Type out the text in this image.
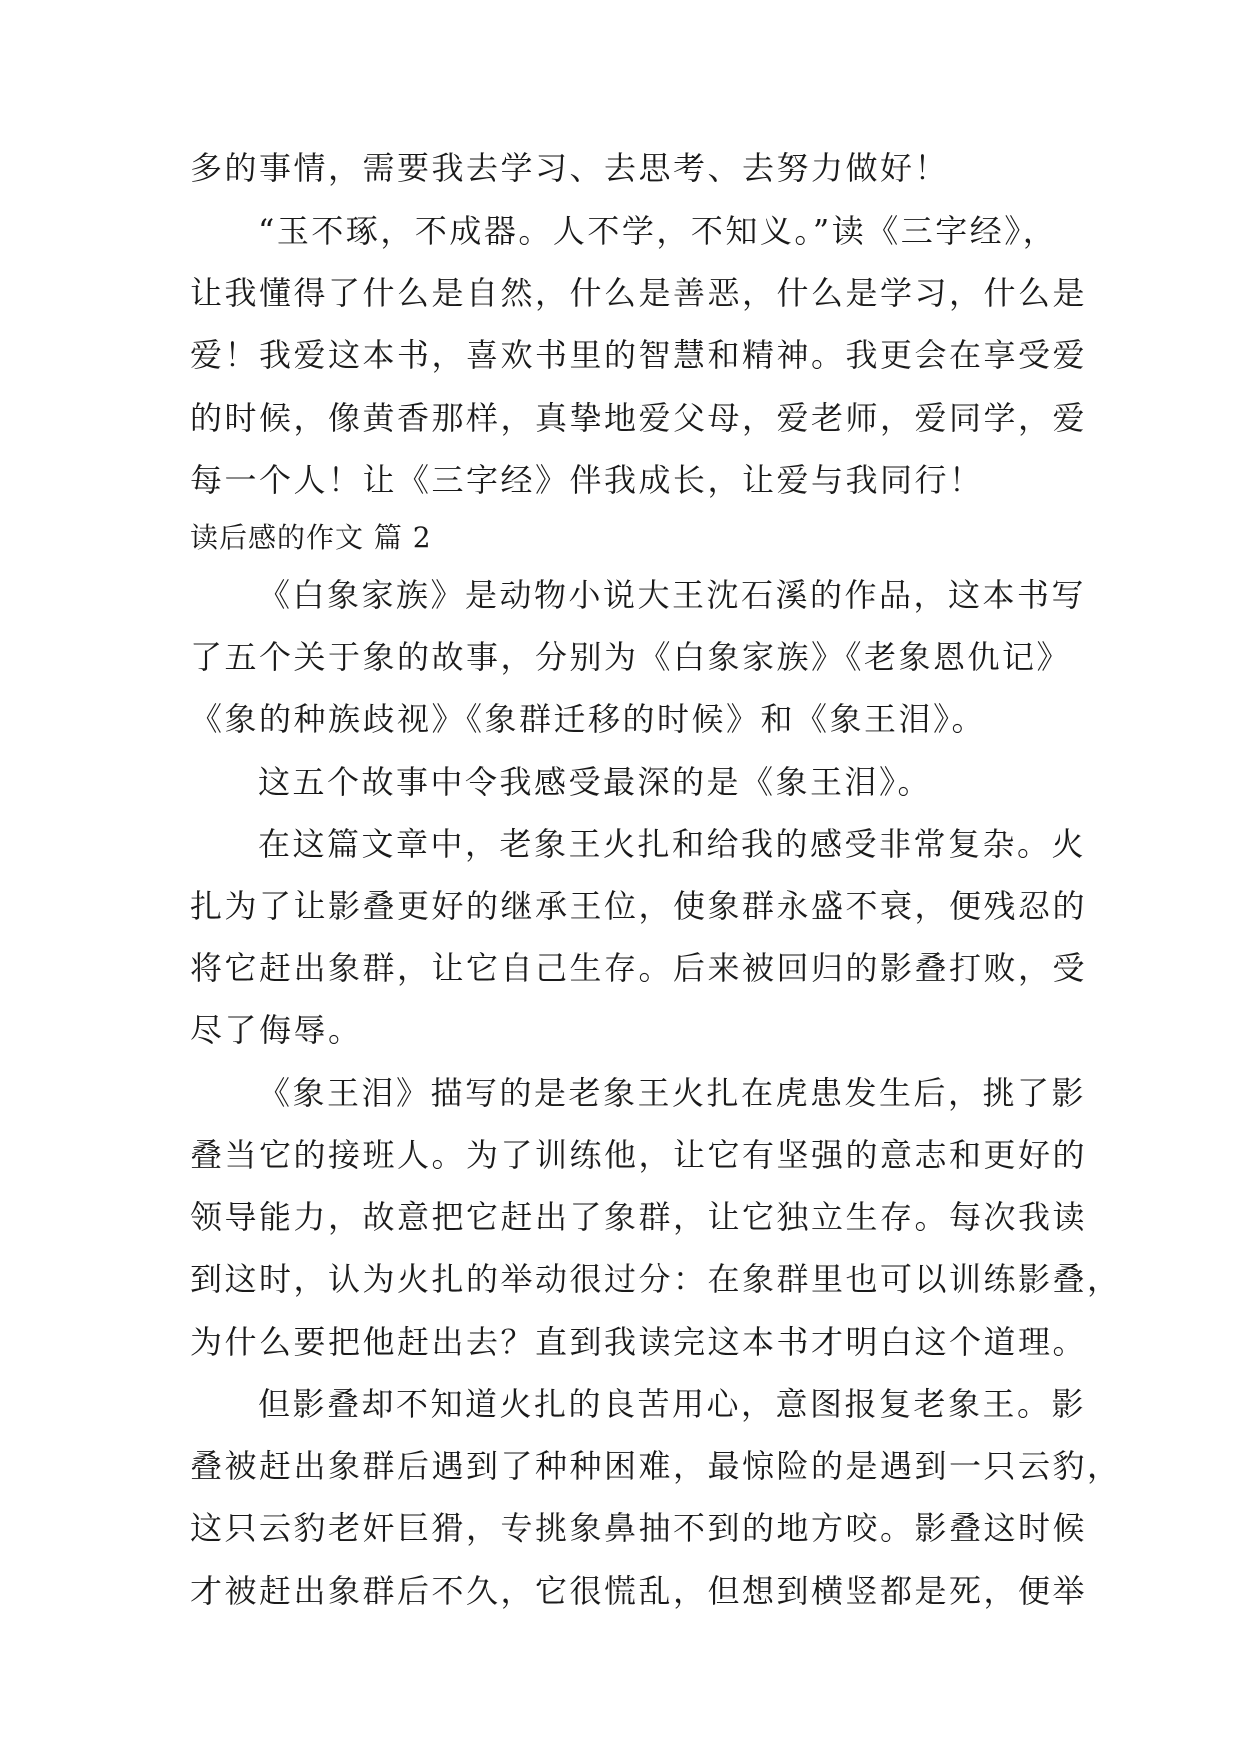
多的事情，需要我去学习、去思考、去努力做好！
“玉不琢，不成器。人不学，不知义。”读《三字经》，
让我懂得了什么是自然，什么是善恶，什么是学习，什么是
爱！我爱这本书，喜欢书里的智慧和精神。我更会在享受爱
的时候，像黄香那样，真挚地爱父母，爱老师，爱同学，爱
每一个人！让《三字经》伴我成长，让爱与我同行！
读后感的作文 篇 2
《白象家族》是动物小说大王沈石溪的作品，这本书写
了五个关于象的故事，分别为《白象家族》《老象恩仇记》
《象的种族歧视》《象群迁移的时候》和《象王泪》。
这五个故事中令我感受最深的是《象王泪》。
在这篇文章中，老象王火扎和给我的感受非常复杂。火
扎为了让影叠更好的继承王位，使象群永盛不衰，便残忍的
将它赶出象群，让它自己生存。后来被回归的影叠打败，受
尽了侮辱。
《象王泪》描写的是老象王火扎在虎患发生后，挑了影
叠当它的接班人。为了训练他，让它有坚强的意志和更好的
领导能力，故意把它赶出了象群，让它独立生存。每次我读
到这时，认为火扎的举动很过分：在象群里也可以训练影叠，
为什么要把他赶出去？直到我读完这本书才明白这个道理。
但影叠却不知道火扎的良苦用心，意图报复老象王。影
叠被赶出象群后遇到了种种困难，最惊险的是遇到一只云豹，
这只云豹老奸巨猾，专挑象鼻抽不到的地方咬。影叠这时候
才被赶出象群后不久，它很慌乱，但想到横竖都是死，便举
